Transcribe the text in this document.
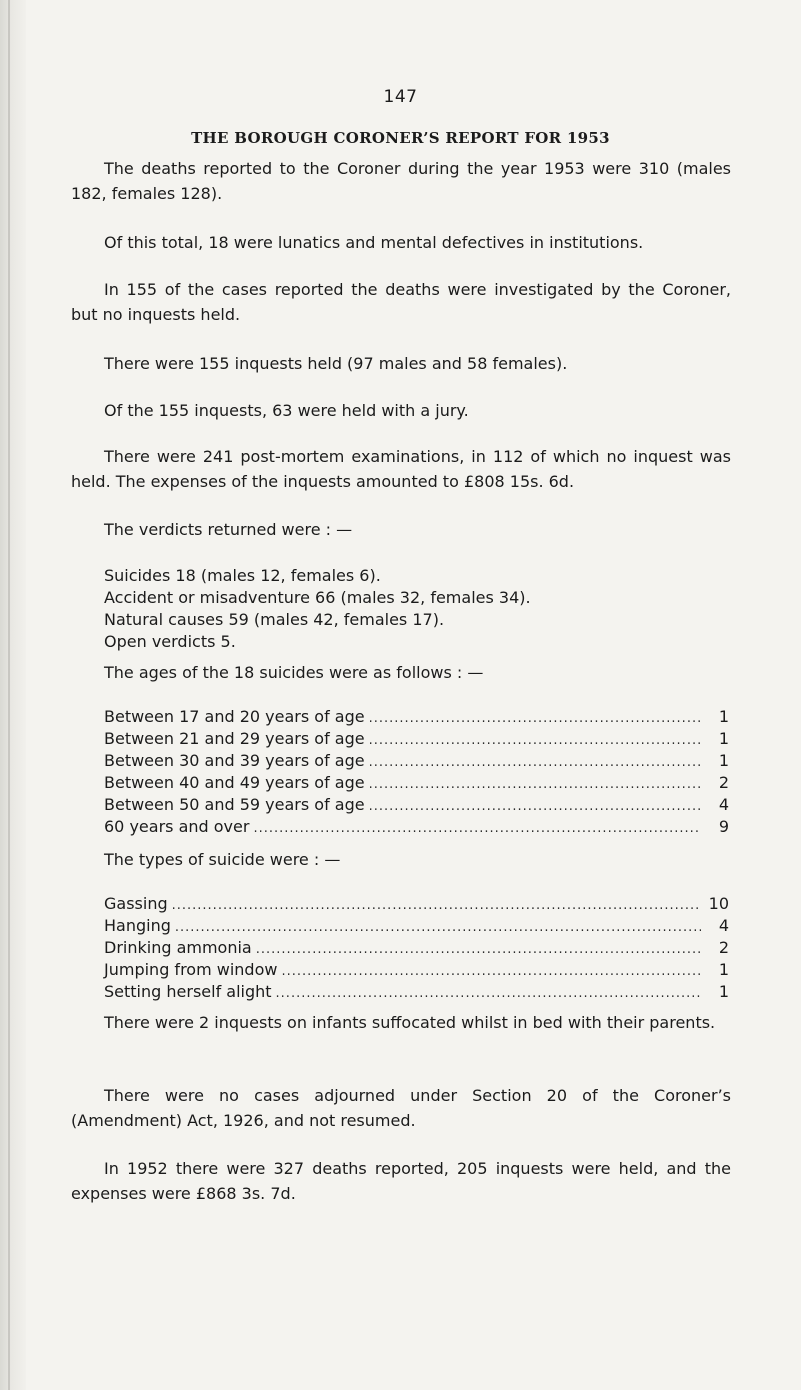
147
THE BOROUGH CORONER’S REPORT FOR 1953
The deaths reported to the Coroner during the year 1953 were 310 (males 182, females 128).
Of this total, 18 were lunatics and mental defectives in institutions.
In 155 of the cases reported the deaths were investigated by the Coroner, but no inquests held.
There were 155 inquests held (97 males and 58 females).
Of the 155 inquests, 63 were held with a jury.
There were 241 post-mortem examinations, in 112 of which no inquest was held. The expenses of the inquests amounted to £808 15s. 6d.
The verdicts returned were : —
Suicides 18 (males 12, females 6).
Accident or misadventure 66 (males 32, females 34).
Natural causes 59 (males 42, females 17).
Open verdicts 5.
The ages of the 18 suicides were as follows : —
Between 17 and 20 years of age .....	1
Between 21 and 29 years of age .....	1
Between 30 and 39 years of age .....	1
Between 40 and 49 years of age .....	2
Between 50 and 59 years of age .....	4
60 years and over .....	9
The types of suicide were : —
Gassing .....	10
Hanging .....	4
Drinking ammonia .....	2
Jumping from window .....	1
Setting herself alight .....	1
There were 2 inquests on infants suffocated whilst in bed with their parents.
There were no cases adjourned under Section 20 of the Coroner’s (Amendment) Act, 1926, and not resumed.
In 1952 there were 327 deaths reported, 205 inquests were held, and the expenses were £868 3s. 7d.
